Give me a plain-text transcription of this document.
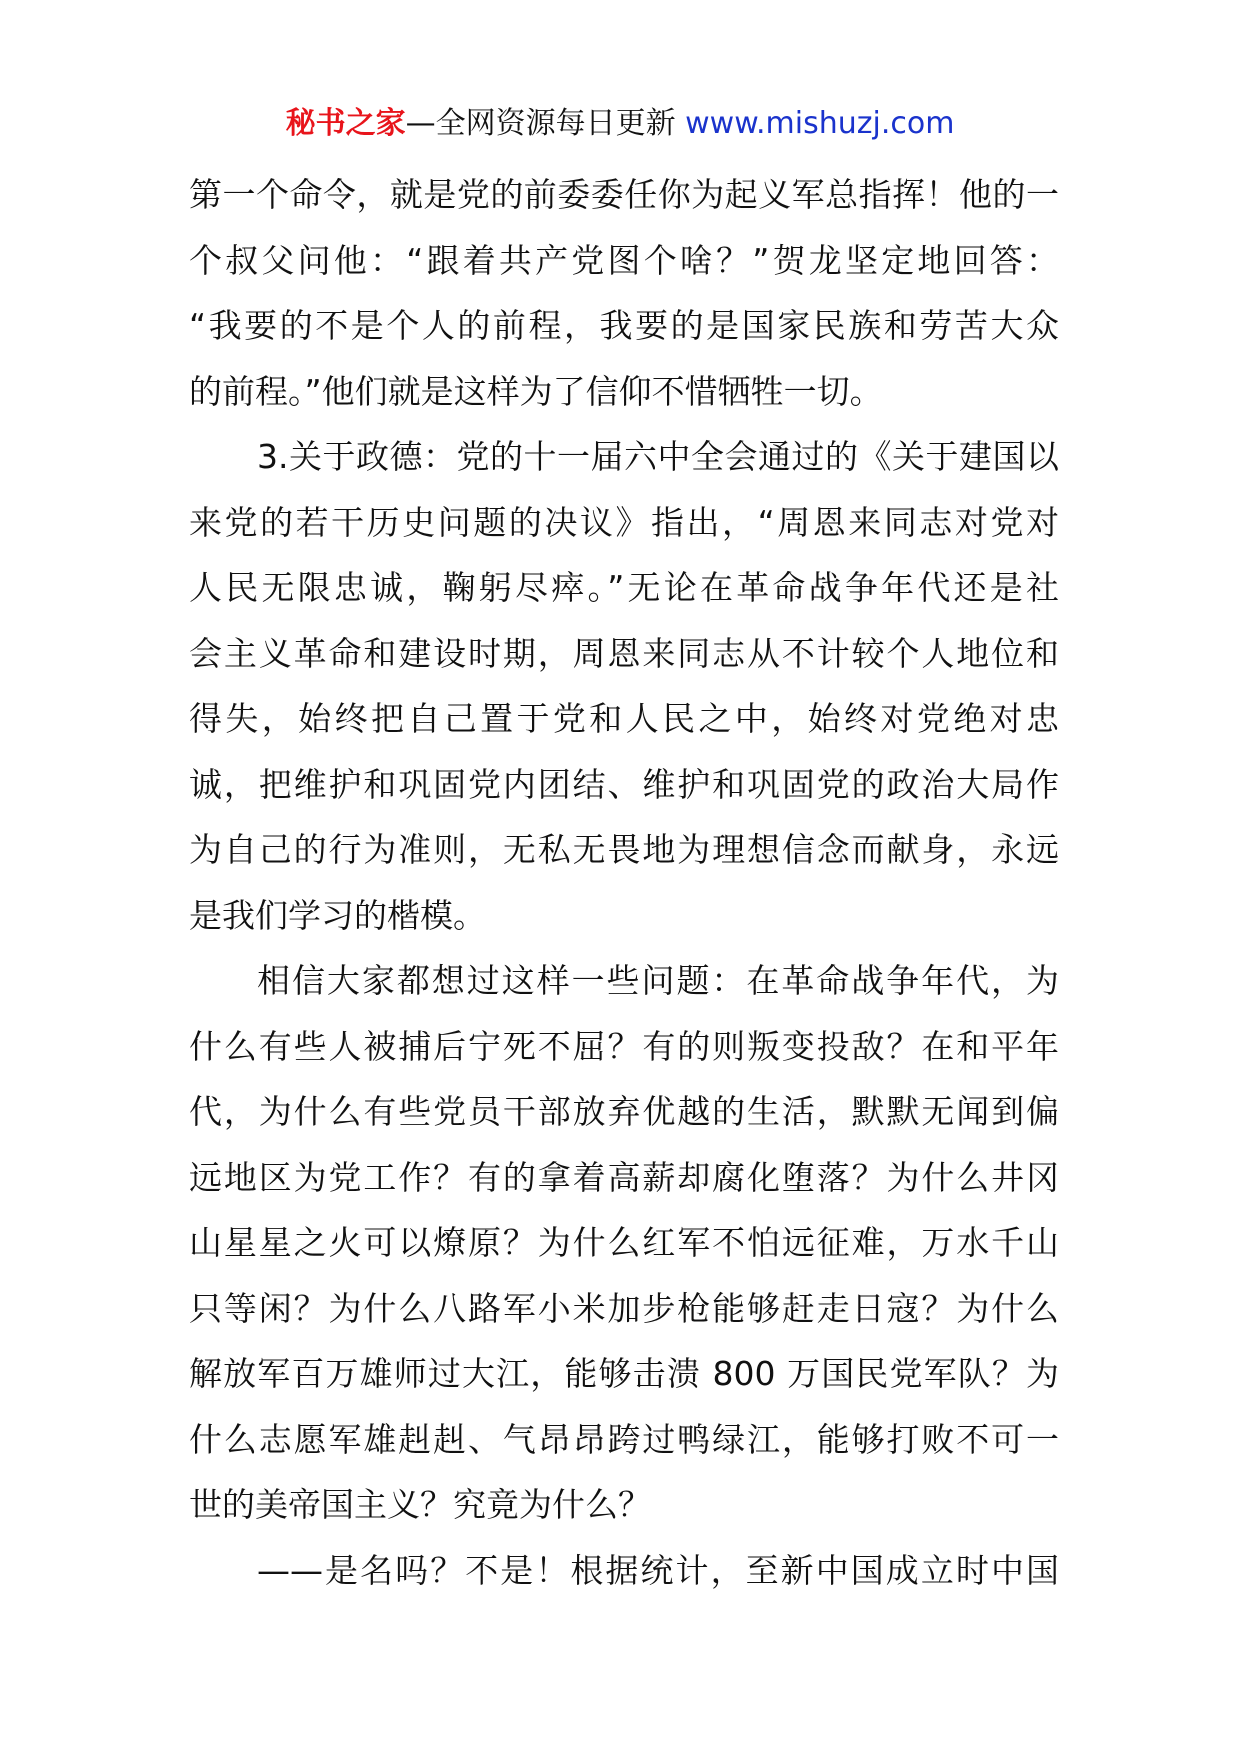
秘书之家—全网资源每日更新 www.mishuzj.com
第一个命令，就是党的前委委任你为起义军总指挥！他的一
个叔父问他：“跟着共产党图个啥？”贺龙坚定地回答：
“我要的不是个人的前程，我要的是国家民族和劳苦大众
的前程。”他们就是这样为了信仰不惜牺牲一切。
3.关于政德：党的十一届六中全会通过的《关于建国以
来党的若干历史问题的决议》指出，“周恩来同志对党对
人民无限忠诚，鞠躬尽瘁。”无论在革命战争年代还是社
会主义革命和建设时期，周恩来同志从不计较个人地位和
得失，始终把自己置于党和人民之中，始终对党绝对忠
诚，把维护和巩固党内团结、维护和巩固党的政治大局作
为自己的行为准则，无私无畏地为理想信念而献身，永远
是我们学习的楷模。
相信大家都想过这样一些问题：在革命战争年代，为
什么有些人被捕后宁死不屈？有的则叛变投敌？在和平年
代，为什么有些党员干部放弃优越的生活，默默无闻到偏
远地区为党工作？有的拿着高薪却腐化堕落？为什么井冈
山星星之火可以燎原？为什么红军不怕远征难，万水千山
只等闲？为什么八路军小米加步枪能够赶走日寇？为什么
解放军百万雄师过大江，能够击溃 800 万国民党军队？为
什么志愿军雄赳赳、气昂昂跨过鸭绿江，能够打败不可一
世的美帝国主义？究竟为什么？
——是名吗？不是！根据统计，至新中国成立时中国
